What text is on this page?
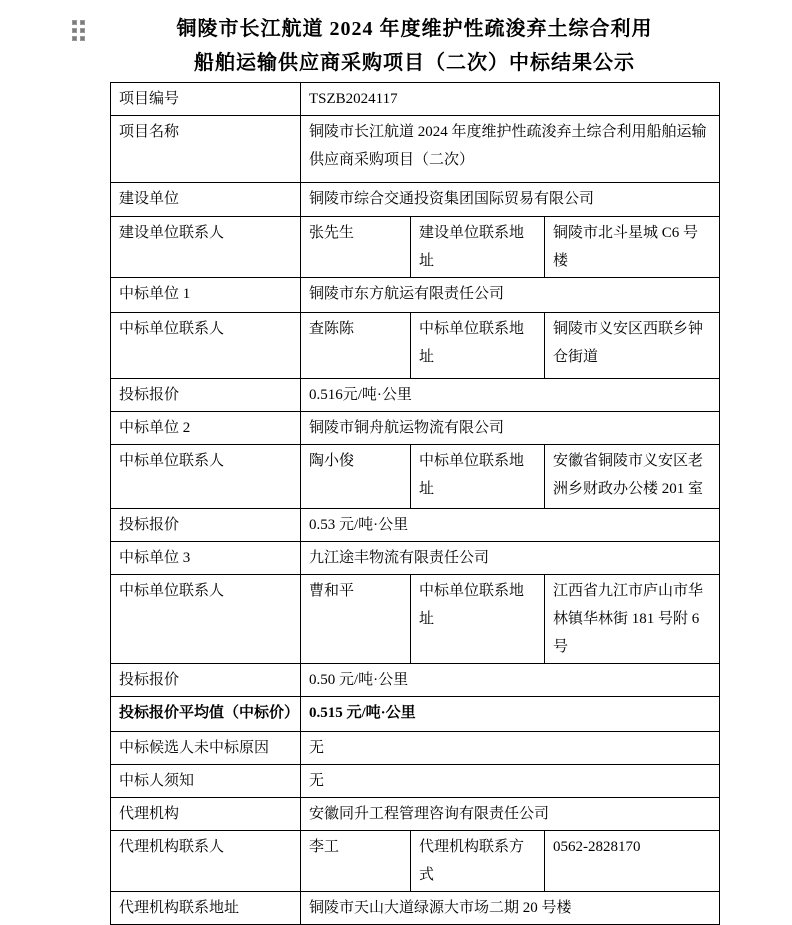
铜陵市长江航道 2024 年度维护性疏浚弃土综合利用
船舶运输供应商采购项目（二次）中标结果公示
项目编号	TSZB2024117		
项目名称	铜陵市长江航道 2024 年度维护性疏浚弃土综合利用船舶运输供应商采购项目（二次）		
建设单位	铜陵市综合交通投资集团国际贸易有限公司		
建设单位联系人	张先生	建设单位联系地址	铜陵市北斗星城 C6 号楼
中标单位 1	铜陵市东方航运有限责任公司		
中标单位联系人	查陈陈	中标单位联系地址	铜陵市义安区西联乡钟仓街道
投标报价	0.516元/吨·公里		
中标单位 2	铜陵市铜舟航运物流有限公司		
中标单位联系人	陶小俊	中标单位联系地址	安徽省铜陵市义安区老洲乡财政办公楼 201 室
投标报价	0.53 元/吨·公里		
中标单位 3	九江途丰物流有限责任公司		
中标单位联系人	曹和平	中标单位联系地址	江西省九江市庐山市华林镇华林街 181 号附 6 号
投标报价	0.50 元/吨·公里		
投标报价平均值（中标价）	0.515 元/吨·公里		
中标候选人未中标原因	无		
中标人须知	无		
代理机构	安徽同升工程管理咨询有限责任公司		
代理机构联系人	李工	代理机构联系方式	0562-2828170
代理机构联系地址	铜陵市天山大道绿源大市场二期 20 号楼		
